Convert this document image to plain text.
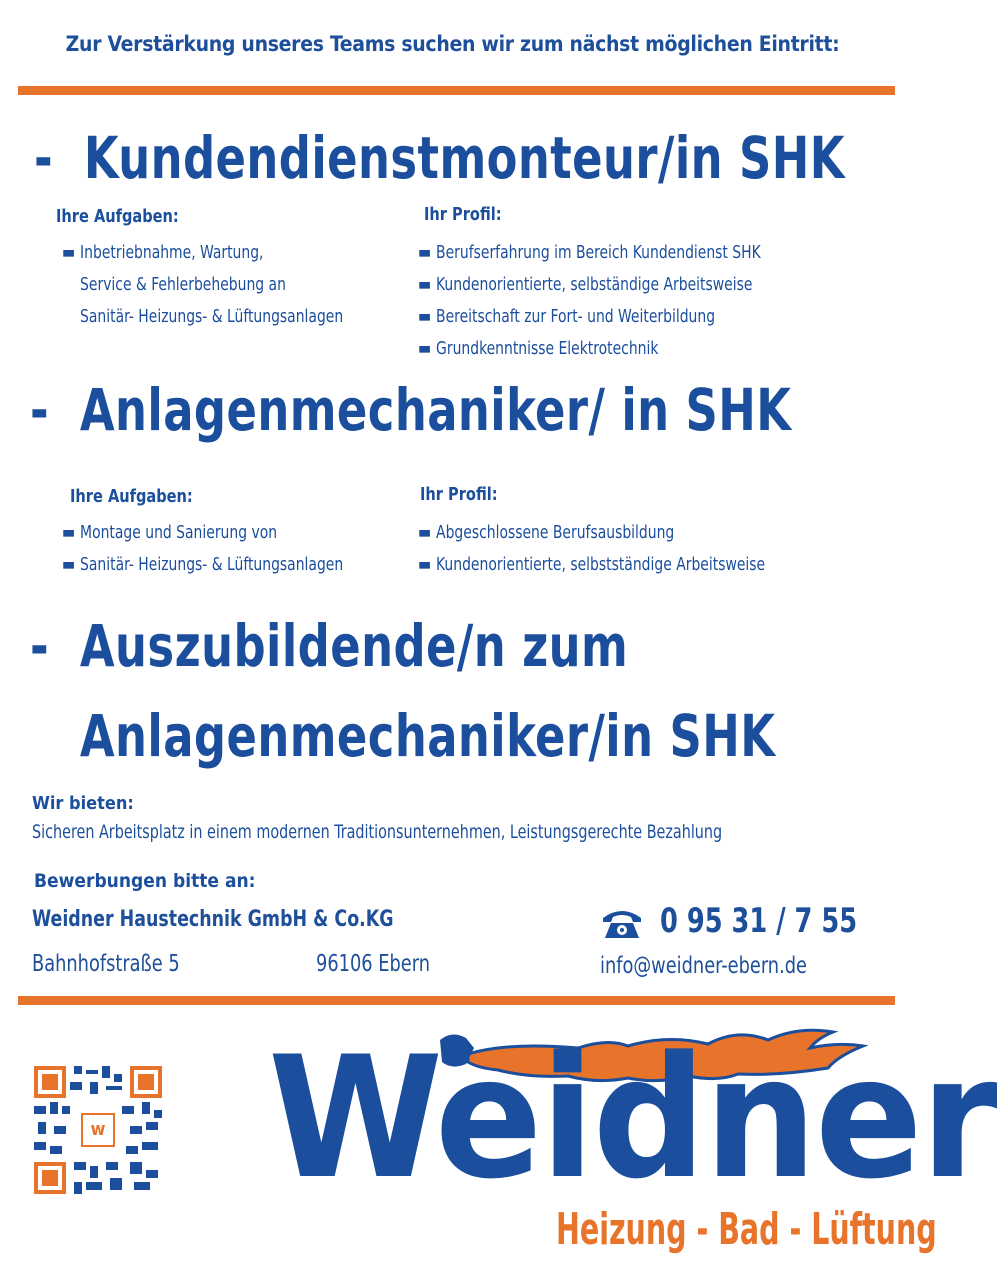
Zur Verstärkung unseres Teams suchen wir zum nächst möglichen Eintritt:
- Kundendienstmonteur/in SHK
Ihre Aufgaben:
▬ Inbetriebnahme, Wartung,
Service & Fehlerbehebung an
Sanitär- Heizungs- & Lüftungsanlagen
Ihr Profil:
▬ Berufserfahrung im Bereich Kundendienst SHK
▬ Kundenorientierte, selbständige Arbeitsweise
▬ Bereitschaft zur Fort- und Weiterbildung
▬ Grundkenntnisse Elektrotechnik
- Anlagenmechaniker/ in SHK
Ihre Aufgaben:
▬ Montage und Sanierung von
▬ Sanitär- Heizungs- & Lüftungsanlagen
Ihr Profil:
▬ Abgeschlossene Berufsausbildung
▬ Kundenorientierte, selbstständige Arbeitsweise
- Auszubildende/n zum
Anlagenmechaniker/in SHK
Wir bieten:
Sicheren Arbeitsplatz in einem modernen Traditionsunternehmen, Leistungsgerechte Bezahlung
Bewerbungen bitte an:
Weidner Haustechnik GmbH & Co.KG
Bahnhofstraße 5	96106 Ebern
0 95 31 / 7 55
info@weidner-ebern.de
w Weidner
Heizung - Bad - Lüftung
